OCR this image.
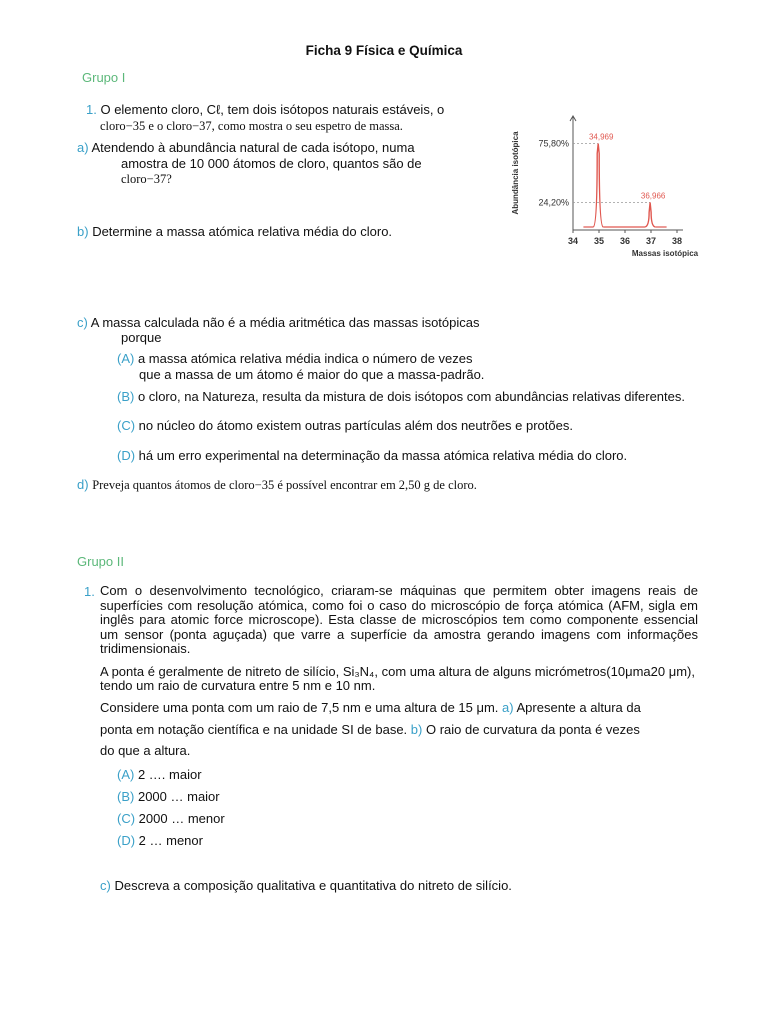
Ficha 9 Física e Química
Grupo I
1. O elemento cloro, Cℓ, tem dois isótopos naturais estáveis, o
cloro−35 e o cloro−37, como mostra o seu espetro de massa.
a) Atendendo à abundância natural de cada isótopo, numa
amostra de 10 000 átomos de cloro, quantos são de
cloro−37?
b) Determine a massa atómica relativa média do cloro.
Abundância isotópica
34 35 36 37 38
Massas isotópica
75,80%
34,969
24,20%
36,966
c) A massa calculada não é a média aritmética das massas isotópicas
porque
(A) a massa atómica relativa média indica o número de vezes
que a massa de um átomo é maior do que a massa-padrão.
(B) o cloro, na Natureza, resulta da mistura de dois isótopos com abundâncias relativas diferentes.
(C) no núcleo do átomo existem outras partículas além dos neutrões e protões.
(D) há um erro experimental na determinação da massa atómica relativa média do cloro.
d) Preveja quantos átomos de cloro−35 é possível encontrar em 2,50 g de cloro.
Grupo II
1. Com o desenvolvimento tecnológico, criaram-se máquinas que permitem obter imagens reais de superfícies com resolução atómica, como foi o caso do microscópio de força atómica (AFM, sigla em inglês para atomic force microscope). Esta classe de microscópios tem como componente essencial um sensor (ponta aguçada) que varre a superfície da amostra gerando imagens com informações tridimensionais.
A ponta é geralmente de nitreto de silício, Si₃N₄, com uma altura de alguns micrómetros(10μma20 μm),
tendo um raio de curvatura entre 5 nm e 10 nm.
Considere uma ponta com um raio de 7,5 nm e uma altura de 15 μm. a) Apresente a altura da
ponta em notação científica e na unidade SI de base. b) O raio de curvatura da ponta é vezes
do que a altura.
(A) 2 …. maior
(B) 2000 … maior
(C) 2000 … menor
(D) 2 … menor
c) Descreva a composição qualitativa e quantitativa do nitreto de silício.
